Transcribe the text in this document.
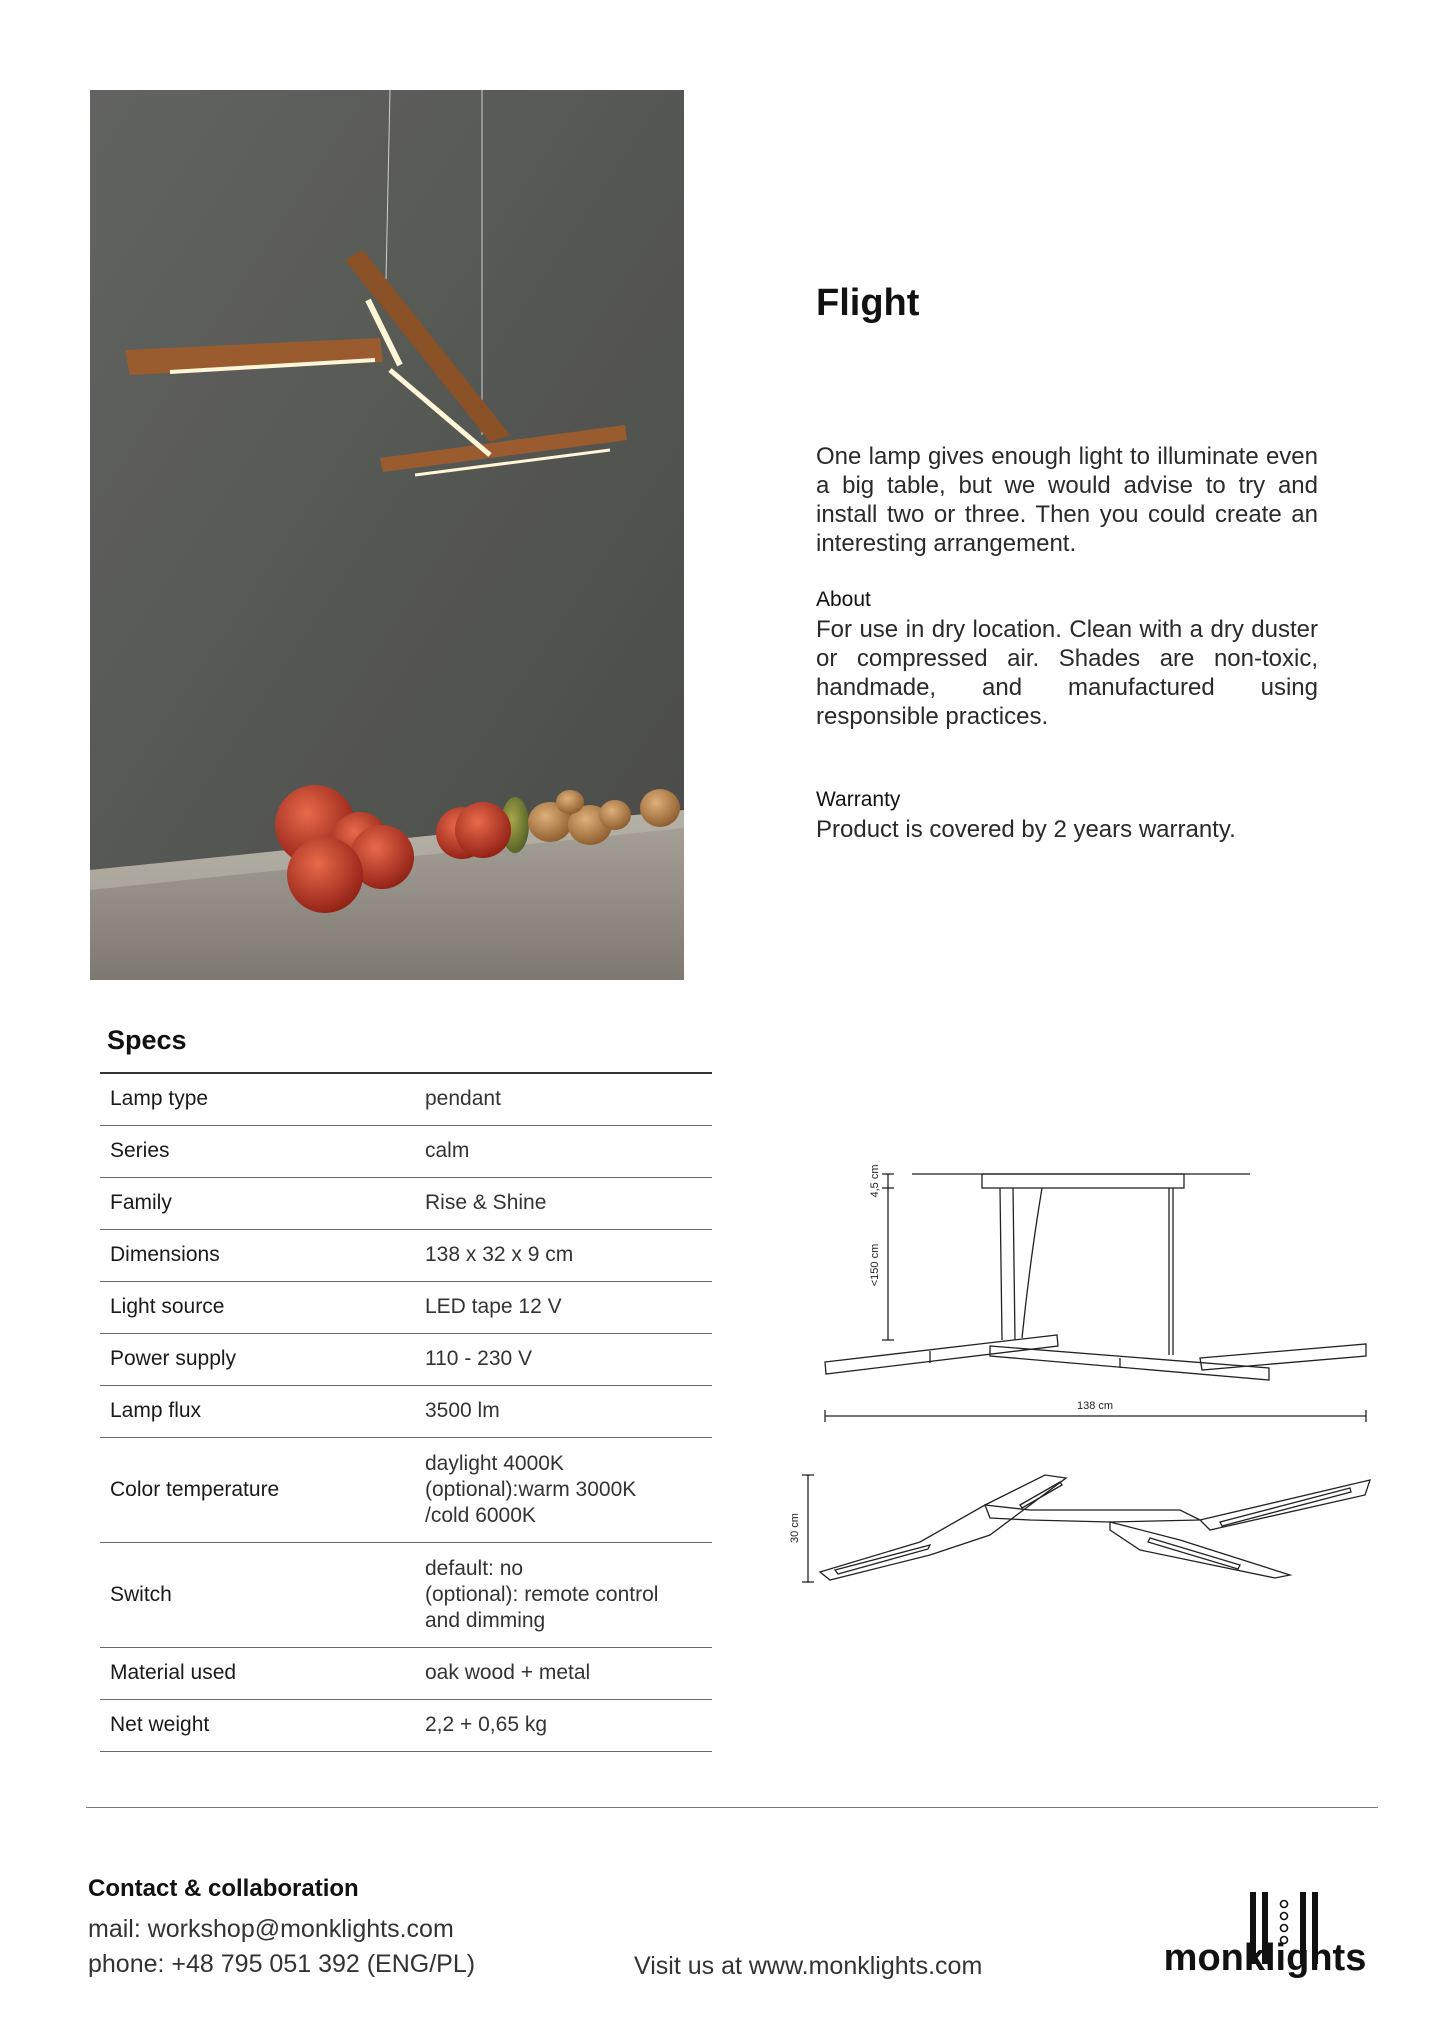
Flight
One lamp gives enough light to illuminate even a big table, but we would advise to try and install two or three. Then you could create an interesting arrangement.
About
For use in dry location. Clean with a dry duster or compressed air. Shades are non-toxic, handmade, and manufactured using responsible practices.
Warranty
Product is covered by 2 years warranty.
Specs
Lamp type	pendant
Series	calm
Family	Rise & Shine
Dimensions	138 x 32 x 9 cm
Light source	LED tape 12 V
Power supply	110 - 230 V
Lamp flux	3500 lm
Color temperature	daylight 4000K
(optional):warm 3000K
/cold 6000K
Switch	default: no
(optional): remote control
and dimming
Material used	oak wood + metal
Net weight	2,2 + 0,65 kg
4,5 cm
<150 cm
138 cm
30 cm
Contact & collaboration
mail: workshop@monklights.com
phone: +48 795 051 392 (ENG/PL)	Visit us at www.monklights.com	monklights
